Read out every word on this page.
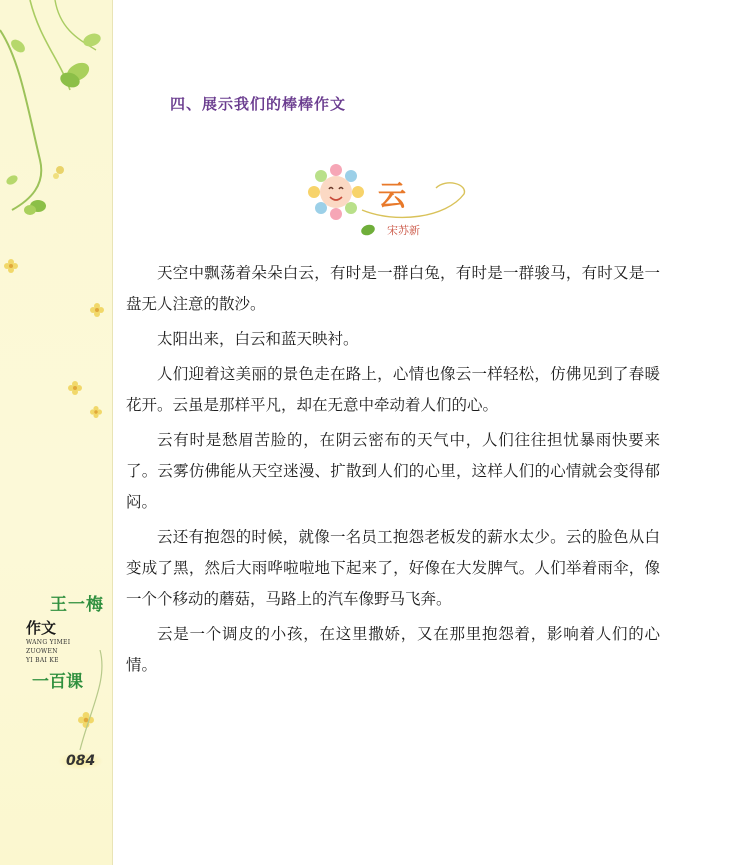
王一梅
作文
WANG YIMEI
ZUOWEN
YI BAI KE
一百课
084
四、展示我们的棒棒作文
云
宋苏新

天空中飘荡着朵朵白云，有时是一群白兔，有时是一群骏马，有时又是一盘无人注意的散沙。

太阳出来，白云和蓝天映衬。

人们迎着这美丽的景色走在路上，心情也像云一样轻松，仿佛见到了春暖花开。云虽是那样平凡，却在无意中牵动着人们的心。

云有时是愁眉苦脸的，在阴云密布的天气中，人们往往担忧暴雨快要来了。云雾仿佛能从天空迷漫、扩散到人们的心里，这样人们的心情就会变得郁闷。

云还有抱怨的时候，就像一名员工抱怨老板发的薪水太少。云的脸色从白变成了黑，然后大雨哗啦啦地下起来了，好像在大发脾气。人们举着雨伞，像一个个移动的蘑菇，马路上的汽车像野马飞奔。

云是一个调皮的小孩，在这里撒娇，又在那里抱怨着，影响着人们的心情。
